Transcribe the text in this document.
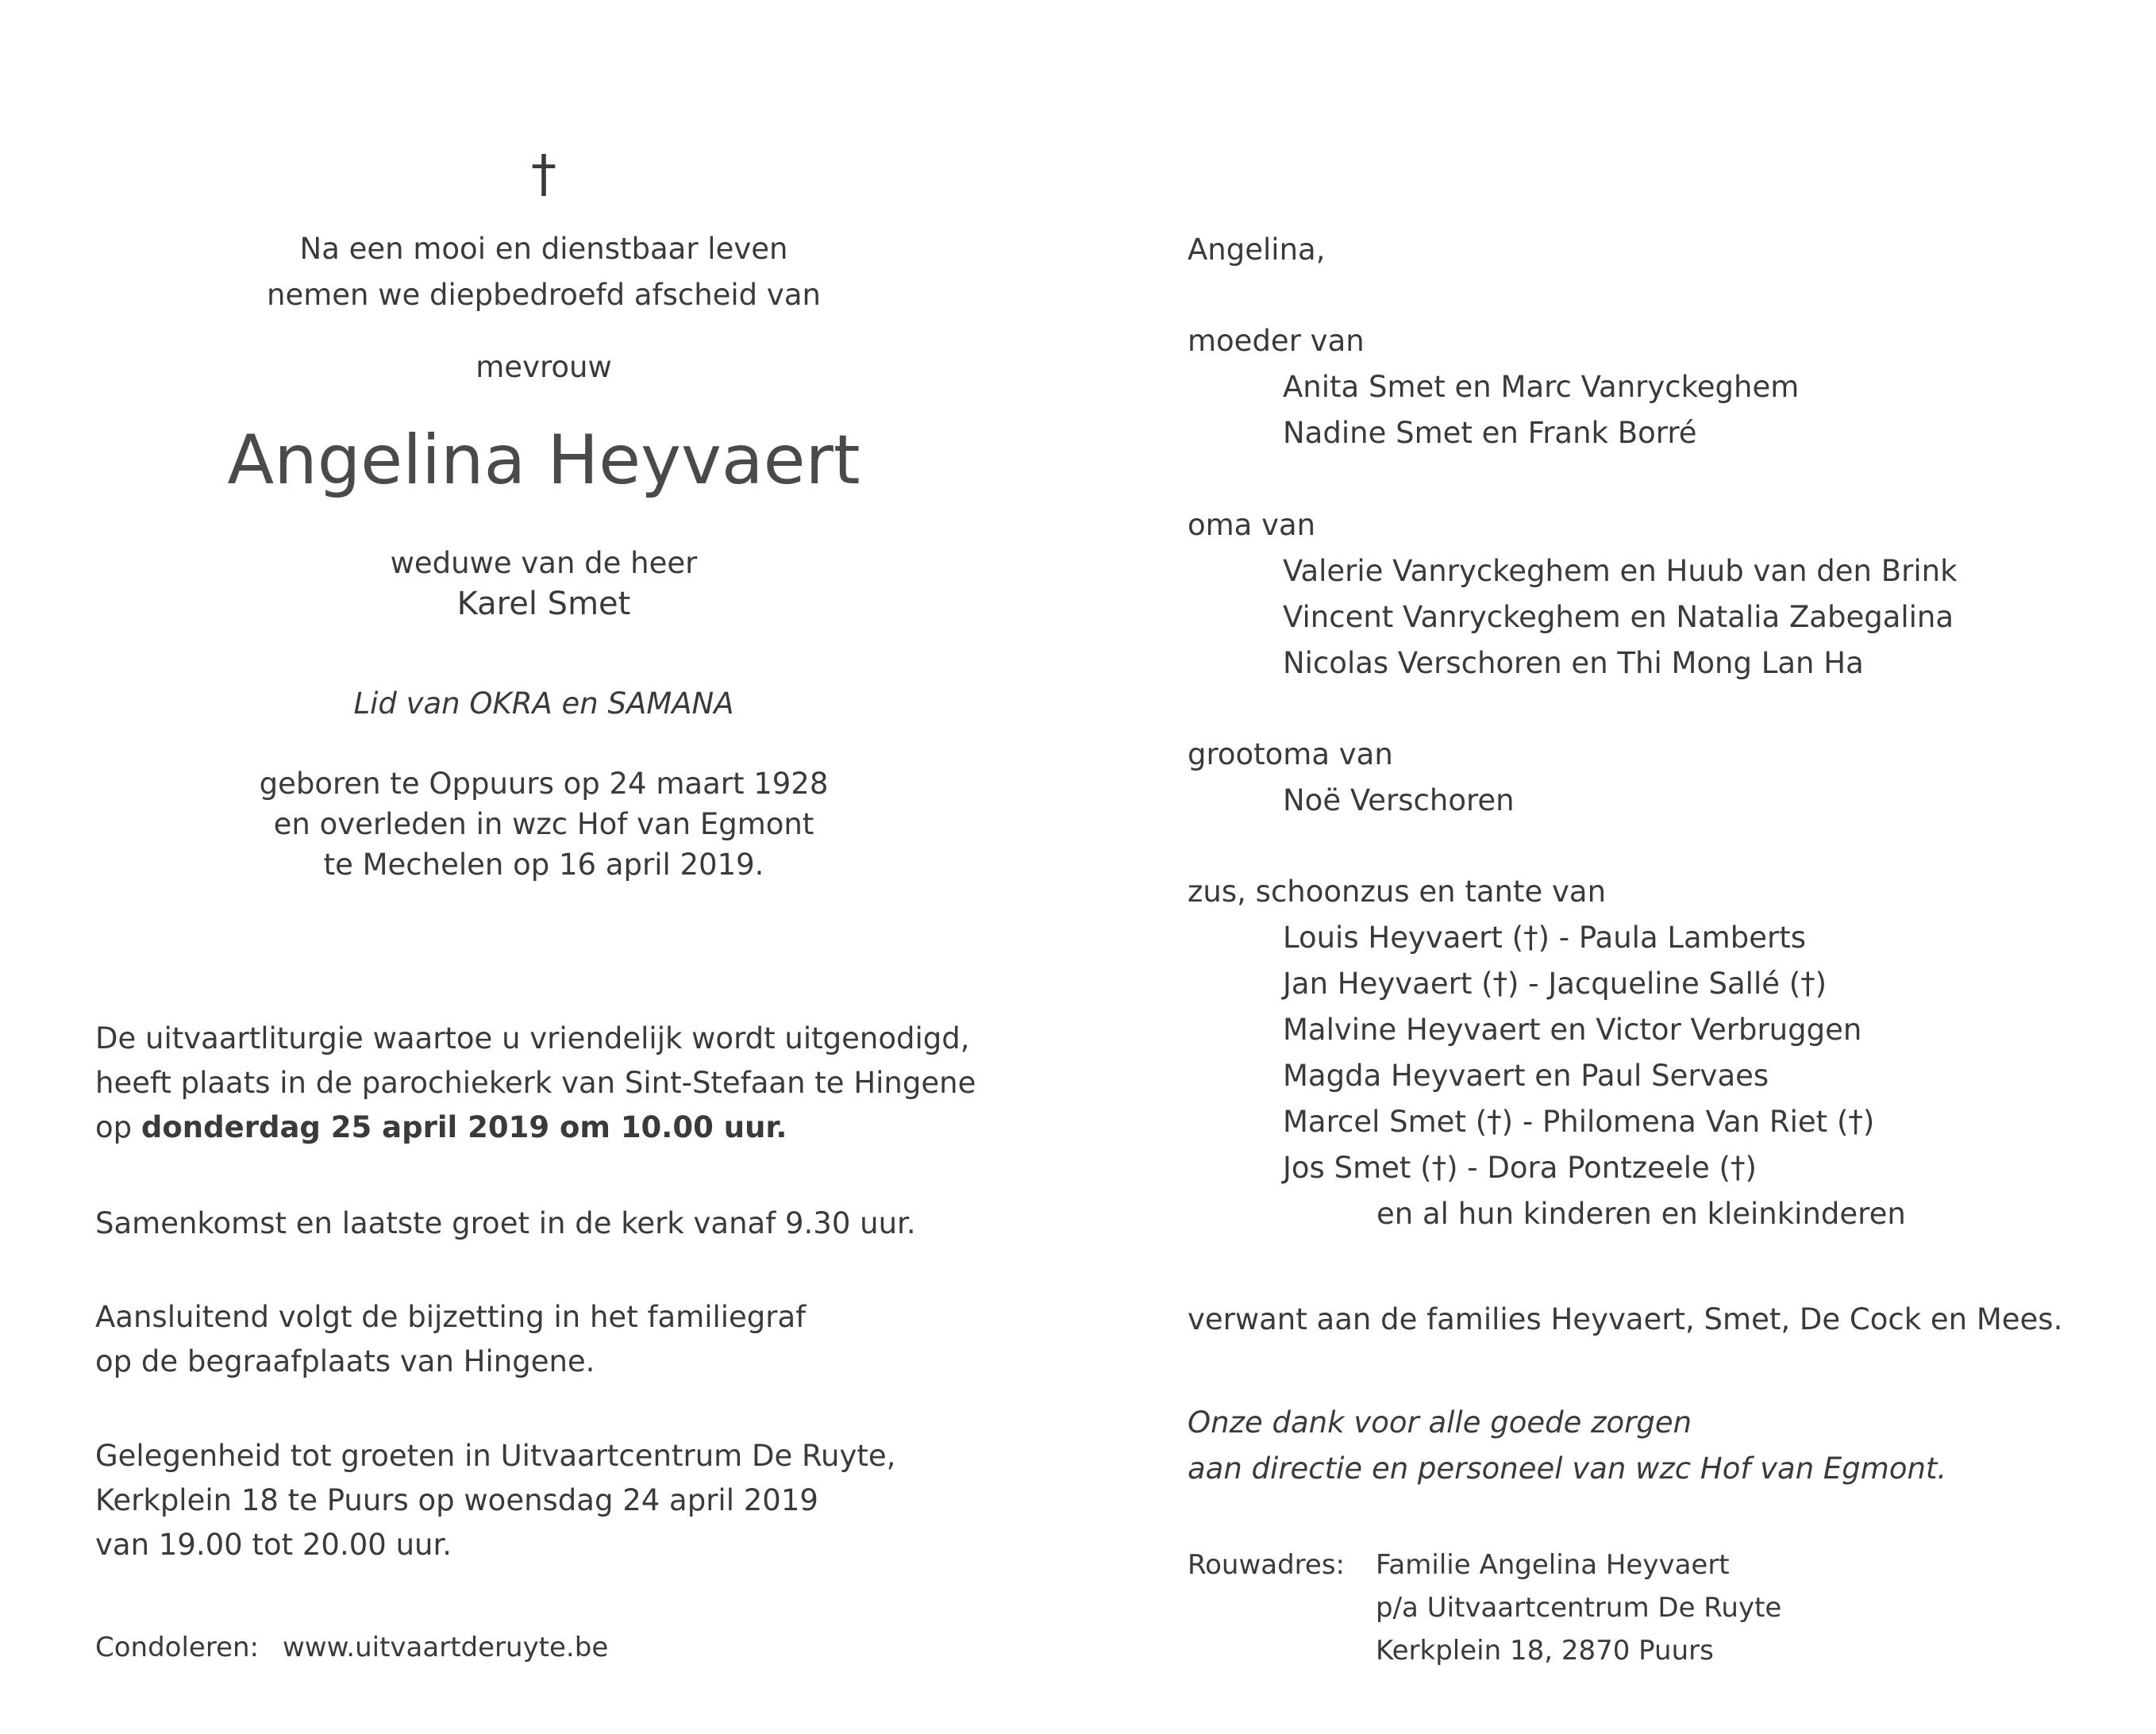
†
Na een mooi en dienstbaar leven
nemen we diepbedroefd afscheid van
mevrouw
Angelina Heyvaert
weduwe van de heer
Karel Smet
Lid van OKRA en SAMANA
geboren te Oppuurs op 24 maart 1928
en overleden in wzc Hof van Egmont
te Mechelen op 16 april 2019.
De uitvaartliturgie waartoe u vriendelijk wordt uitgenodigd,
heeft plaats in de parochiekerk van Sint-Stefaan te Hingene
op donderdag 25 april 2019 om 10.00 uur.
Samenkomst en laatste groet in de kerk vanaf 9.30 uur.
Aansluitend volgt de bijzetting in het familiegraf
op de begraafplaats van Hingene.
Gelegenheid tot groeten in Uitvaartcentrum De Ruyte,
Kerkplein 18 te Puurs op woensdag 24 april 2019
van 19.00 tot 20.00 uur.
Condoleren: www.uitvaartderuyte.be
Angelina,
moeder van
Anita Smet en Marc Vanryckeghem
Nadine Smet en Frank Borré
oma van
Valerie Vanryckeghem en Huub van den Brink
Vincent Vanryckeghem en Natalia Zabegalina
Nicolas Verschoren en Thi Mong Lan Ha
grootoma van
Noë Verschoren
zus, schoonzus en tante van
Louis Heyvaert (†) - Paula Lamberts
Jan Heyvaert (†) - Jacqueline Sallé (†)
Malvine Heyvaert en Victor Verbruggen
Magda Heyvaert en Paul Servaes
Marcel Smet (†) - Philomena Van Riet (†)
Jos Smet (†) - Dora Pontzeele (†)
en al hun kinderen en kleinkinderen
verwant aan de families Heyvaert, Smet, De Cock en Mees.
Onze dank voor alle goede zorgen
aan directie en personeel van wzc Hof van Egmont.
Rouwadres: Familie Angelina Heyvaert
p/a Uitvaartcentrum De Ruyte
Kerkplein 18, 2870 Puurs
